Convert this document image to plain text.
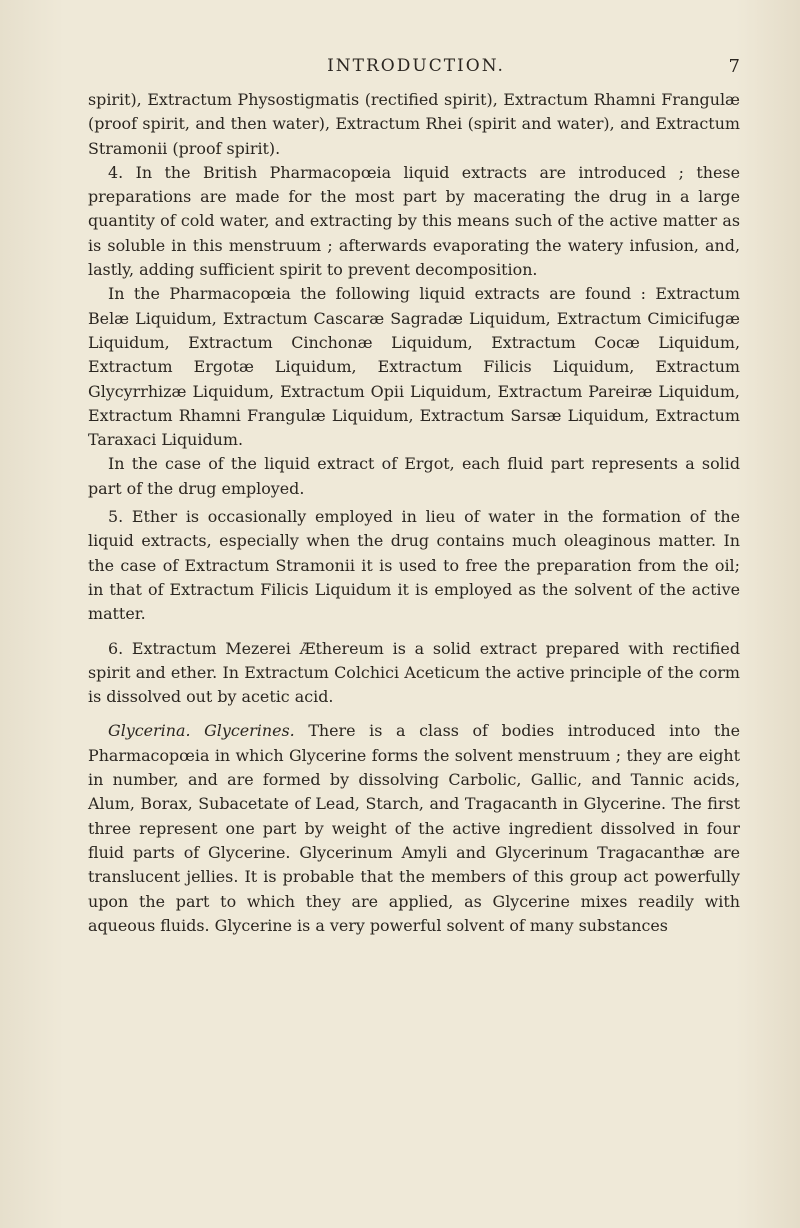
INTRODUCTION.	7

spirit), Extractum Physostigmatis (rectified spirit), Extractum Rhamni Frangulæ (proof spirit, and then water), Extractum Rhei (spirit and water), and Extractum Stramonii (proof spirit).

4. In the British Pharmacopœia liquid extracts are introduced ; these preparations are made for the most part by macerating the drug in a large quantity of cold water, and extracting by this means such of the active matter as is soluble in this menstruum ; afterwards evaporating the watery infusion, and, lastly, adding sufficient spirit to prevent decomposition.

In the Pharmacopœia the following liquid extracts are found : Extractum Belæ Liquidum, Extractum Cascaræ Sagradæ Liquidum, Extractum Cimicifugæ Liquidum, Extractum Cinchonæ Liquidum, Extractum Cocæ Liquidum, Extractum Ergotæ Liquidum, Extractum Filicis Liquidum, Extractum Glycyrrhizæ Liquidum, Extractum Opii Liquidum, Extractum Pareiræ Liquidum, Extractum Rhamni Frangulæ Liquidum, Extractum Sarsæ Liquidum, Extractum Taraxaci Liquidum.

In the case of the liquid extract of Ergot, each fluid part represents a solid part of the drug employed.

5. Ether is occasionally employed in lieu of water in the formation of the liquid extracts, especially when the drug contains much oleaginous matter. In the case of Extractum Stramonii it is used to free the preparation from the oil; in that of Extractum Filicis Liquidum it is employed as the solvent of the active matter.

6. Extractum Mezerei Æthereum is a solid extract prepared with rectified spirit and ether. In Extractum Colchici Aceticum the active principle of the corm is dissolved out by acetic acid.

Glycerina. Glycerines. There is a class of bodies introduced into the Pharmacopœia in which Glycerine forms the solvent menstruum ; they are eight in number, and are formed by dissolving Carbolic, Gallic, and Tannic acids, Alum, Borax, Subacetate of Lead, Starch, and Tragacanth in Glycerine. The first three represent one part by weight of the active ingredient dissolved in four fluid parts of Glycerine. Glycerinum Amyli and Glycerinum Tragacanthæ are translucent jellies. It is probable that the members of this group act powerfully upon the part to which they are applied, as Glycerine mixes readily with aqueous fluids. Glycerine is a very powerful solvent of many substances
